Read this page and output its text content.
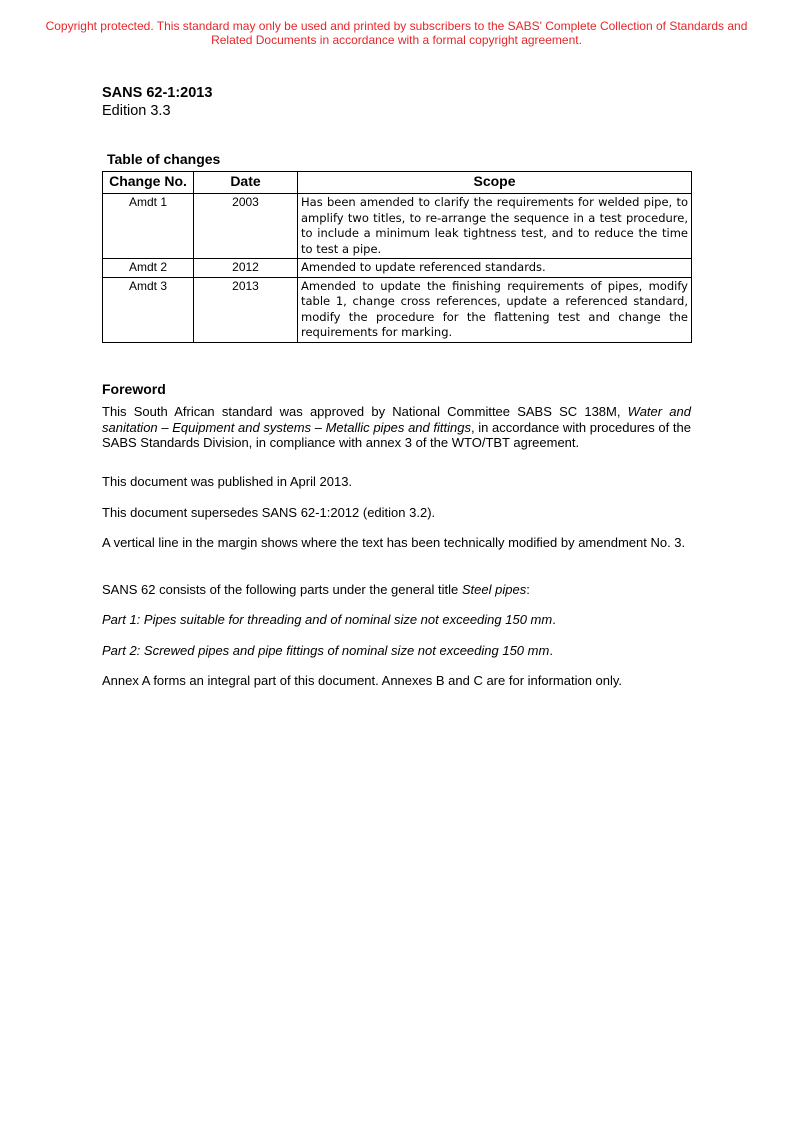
Copyright protected. This standard may only be used and printed by subscribers to the SABS' Complete Collection of Standards and
Related Documents in accordance with a formal copyright agreement.
SANS 62-1:2013
Edition 3.3
Table of changes
Change No.	Date	Scope
Amdt 1	2003	Has been amended to clarify the requirements for welded pipe, to amplify two titles, to re-arrange the sequence in a test procedure, to include a minimum leak tightness test, and to reduce the time to test a pipe.
Amdt 2	2012	Amended to update referenced standards.
Amdt 3	2013	Amended to update the finishing requirements of pipes, modify table 1, change cross references, update a referenced standard, modify the procedure for the flattening test and change the requirements for marking.
Foreword

This South African standard was approved by National Committee SABS SC 138M, Water and sanitation – Equipment and systems – Metallic pipes and fittings, in accordance with procedures of the SABS Standards Division, in compliance with annex 3 of the WTO/TBT agreement.

This document was published in April 2013.

This document supersedes SANS 62-1:2012 (edition 3.2).

A vertical line in the margin shows where the text has been technically modified by amendment No. 3.

SANS 62 consists of the following parts under the general title Steel pipes:

Part 1: Pipes suitable for threading and of nominal size not exceeding 150 mm.

Part 2: Screwed pipes and pipe fittings of nominal size not exceeding 150 mm.

Annex A forms an integral part of this document. Annexes B and C are for information only.
